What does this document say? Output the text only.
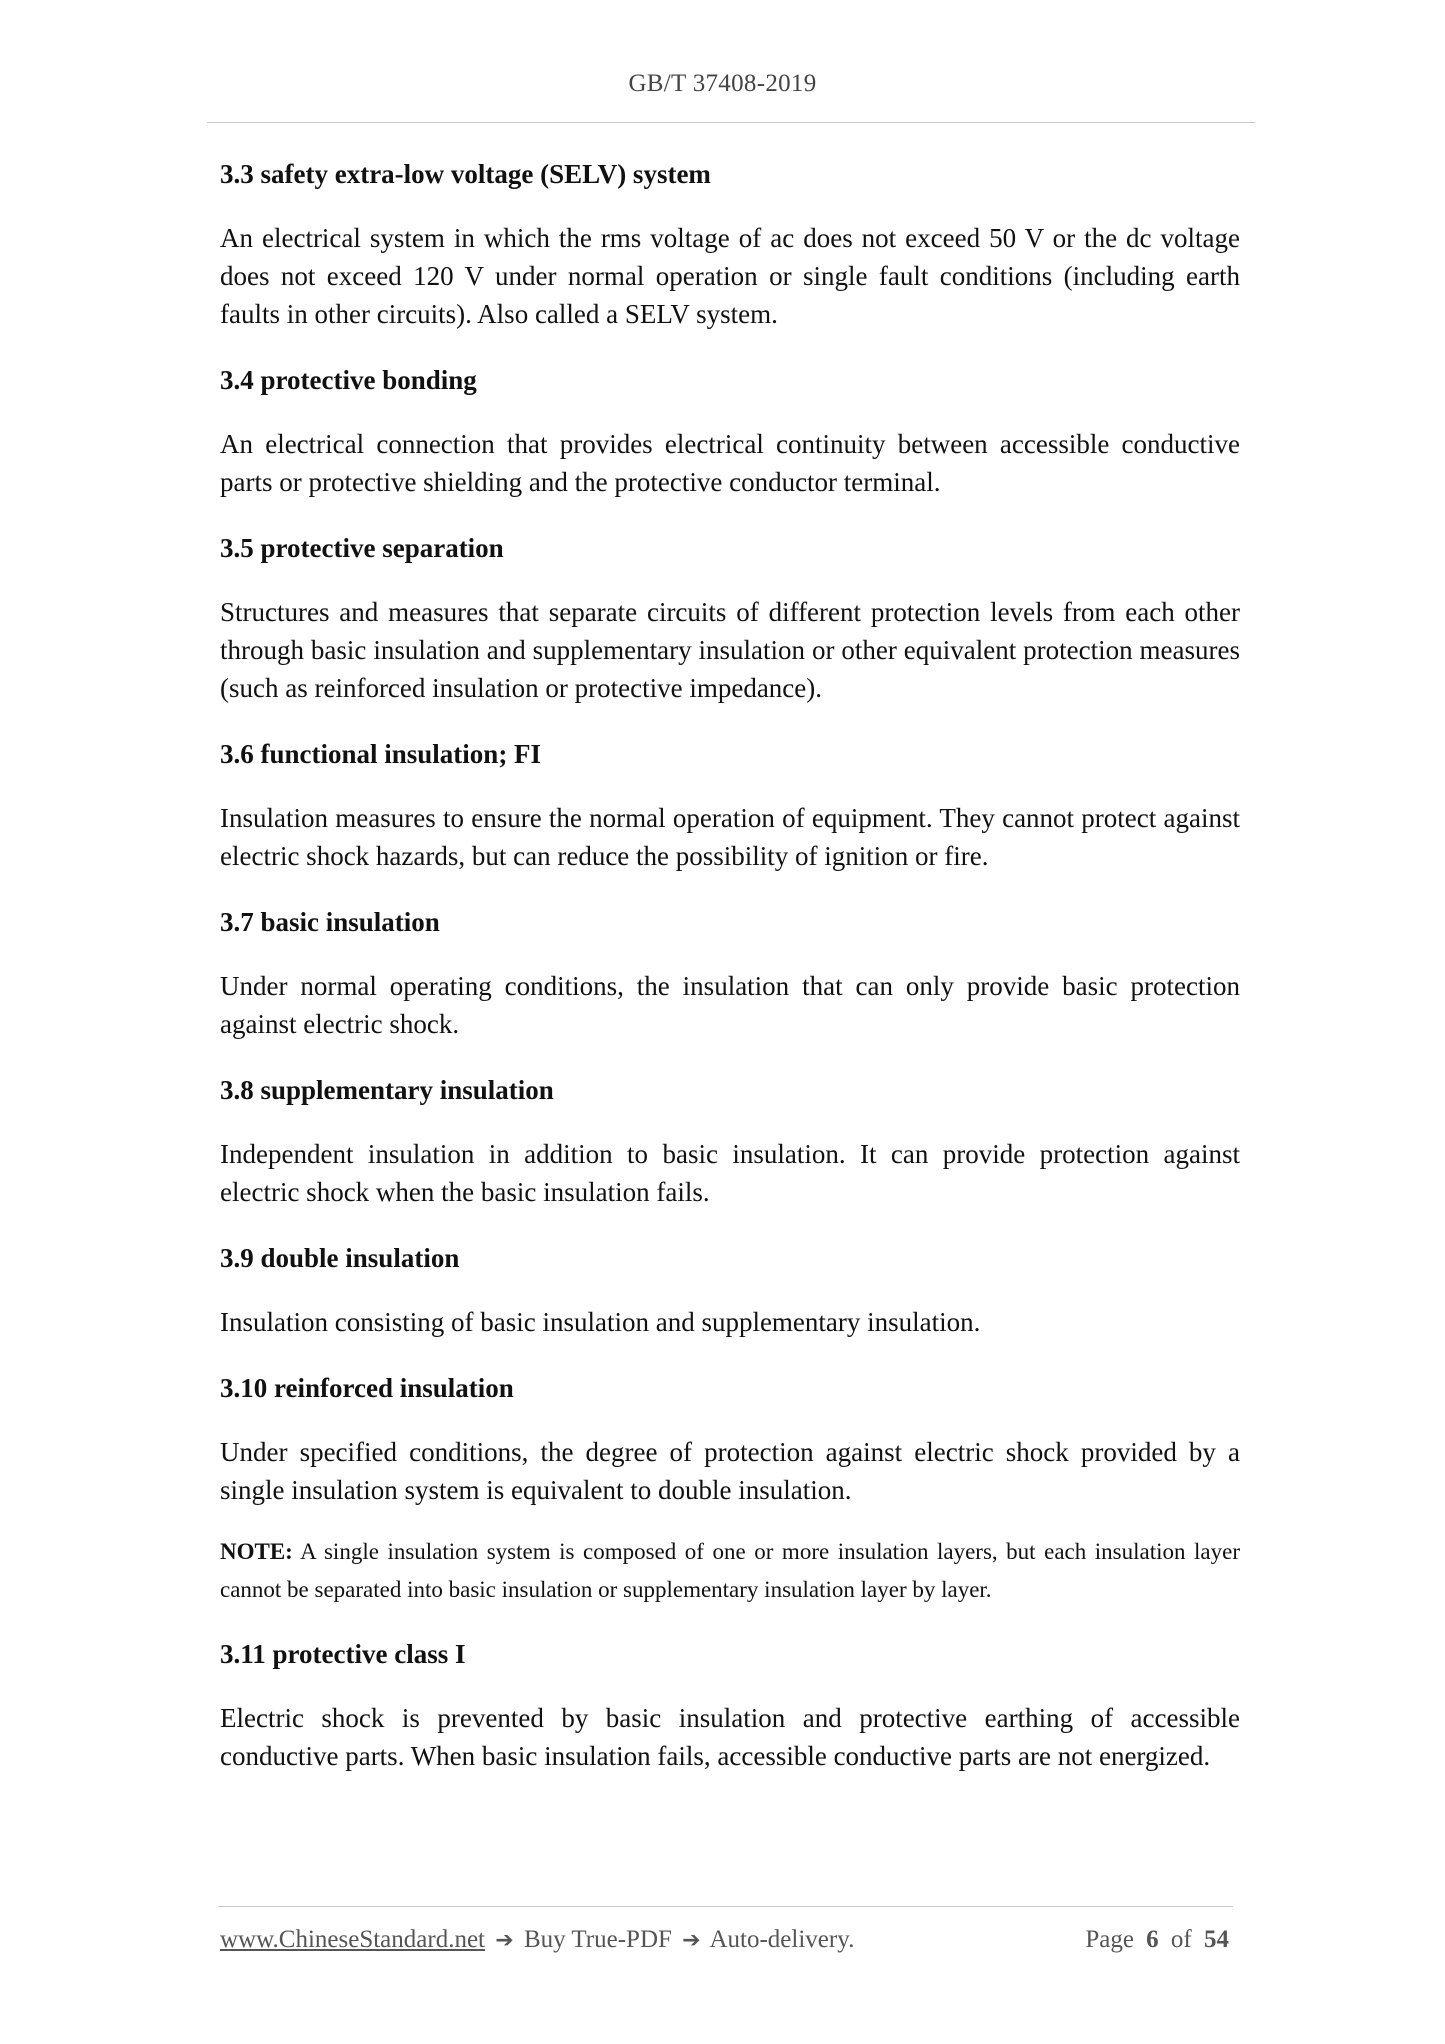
GB/T 37408-2019
3.3 safety extra-low voltage (SELV) system
An electrical system in which the rms voltage of ac does not exceed 50 V or the dc voltage does not exceed 120 V under normal operation or single fault conditions (including earth faults in other circuits). Also called a SELV system.
3.4 protective bonding
An electrical connection that provides electrical continuity between accessible conductive parts or protective shielding and the protective conductor terminal.
3.5 protective separation
Structures and measures that separate circuits of different protection levels from each other through basic insulation and supplementary insulation or other equivalent protection measures (such as reinforced insulation or protective impedance).
3.6 functional insulation; FI
Insulation measures to ensure the normal operation of equipment. They cannot protect against electric shock hazards, but can reduce the possibility of ignition or fire.
3.7 basic insulation
Under normal operating conditions, the insulation that can only provide basic protection against electric shock.
3.8 supplementary insulation
Independent insulation in addition to basic insulation. It can provide protection against electric shock when the basic insulation fails.
3.9 double insulation
Insulation consisting of basic insulation and supplementary insulation.
3.10 reinforced insulation
Under specified conditions, the degree of protection against electric shock provided by a single insulation system is equivalent to double insulation.
NOTE: A single insulation system is composed of one or more insulation layers, but each insulation layer cannot be separated into basic insulation or supplementary insulation layer by layer.
3.11 protective class I
Electric shock is prevented by basic insulation and protective earthing of accessible conductive parts. When basic insulation fails, accessible conductive parts are not energized.
www.ChineseStandard.net ➔ Buy True-PDF ➔ Auto-delivery.	Page 6 of 54
